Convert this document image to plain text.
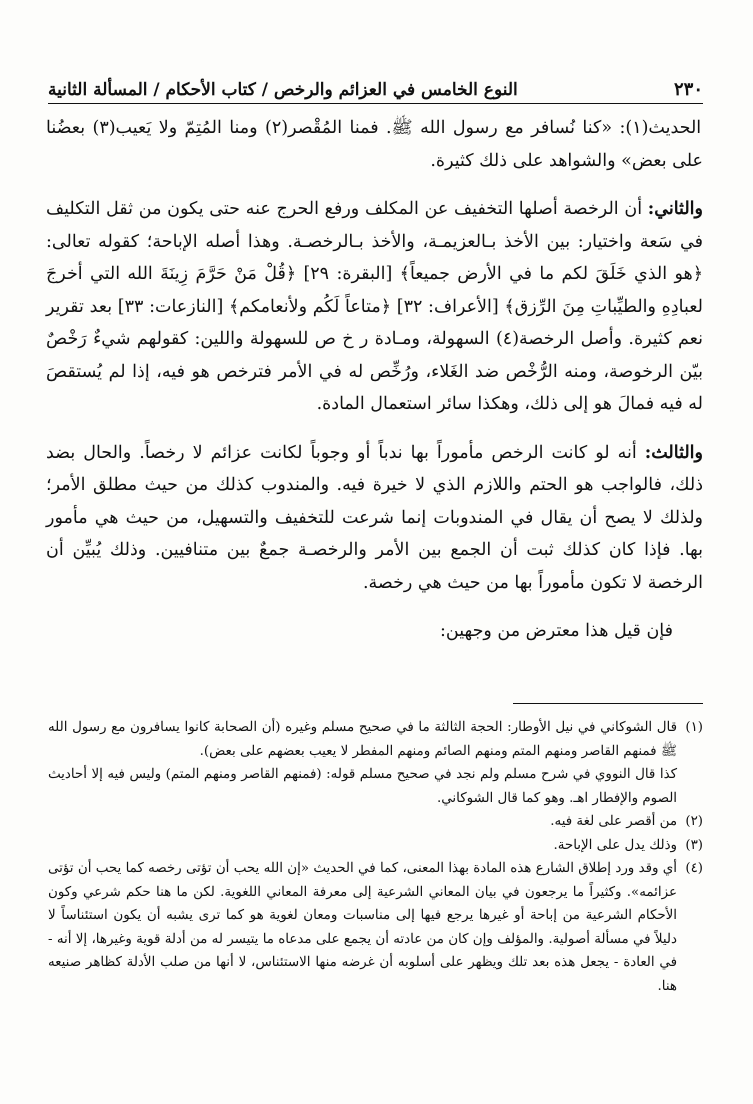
٢٣٠
النوع الخامس في العزائم والرخص / كتاب الأحكام / المسألة الثانية

الحديث(١): «كنا نُسافر مع رسول الله ﷺ. فمنا المُقْصر(٢) ومنا المُتِمّ ولا يَعيب(٣) بعضُنا على بعض» والشواهد على ذلك كثيرة.

والثاني: أن الرخصة أصلها التخفيف عن المكلف ورفع الحرج عنه حتى يكون من ثقل التكليف في سَعة واختيار: بين الأخذ بـالعزيمـة، والأخذ بـالرخصـة. وهذا أصله الإباحة؛ كقوله تعالى: ﴿هو الذي خَلَقَ لكم ما في الأرض جميعاً﴾ [البقرة: ٢٩] ﴿قُلْ مَنْ حَرَّمَ زِينَةَ الله التي أخرجَ لعبادِهِ والطيِّباتِ مِنَ الرِّزق﴾ [الأعراف: ٣٢] ﴿متاعاً لَكُم ولأنعامكم﴾ [النازعات: ٣٣] بعد تقرير نعم كثيرة. وأصل الرخصة(٤) السهولة، ومـادة ر خ ص للسهولة واللين: كقولهم شيءٌ رَخْصٌ بيّن الرخوصة، ومنه الرُّخْص ضد الغَلاء، ورُخِّص له في الأمر فترخص هو فيه، إذا لم يُستقصَ له فيه فمالَ هو إلى ذلك، وهكذا سائر استعمال المادة.

والثالث: أنه لو كانت الرخص مأموراً بها ندباً أو وجوباً لكانت عزائم لا رخصاً. والحال بضد ذلك، فالواجب هو الحتم واللازم الذي لا خيرة فيه. والمندوب كذلك من حيث مطلق الأمر؛ ولذلك لا يصح أن يقال في المندوبات إنما شرعت للتخفيف والتسهيل، من حيث هي مأمور بها. فإذا كان كذلك ثبت أن الجمع بين الأمر والرخصـة جمعٌ بين متنافيين. وذلك يُبيِّن أن الرخصة لا تكون مأموراً بها من حيث هي رخصة.

فإن قيل هذا معترض من وجهين:

(١)
قال الشوكاني في نيل الأوطار: الحجة الثالثة ما في صحيح مسلم وغيره (أن الصحابة كانوا يسافرون مع رسول الله ﷺ فمنهم القاصر ومنهم المتم ومنهم الصائم ومنهم المفطر لا يعيب بعضهم على بعض).
كذا قال النووي في شرح مسلم ولم نجد في صحيح مسلم قوله: (فمنهم القاصر ومنهم المتم) وليس فيه إلا أحاديث الصوم والإفطار اهـ. وهو كما قال الشوكاني.
(٢)
من أقصر على لغة فيه.
(٣)
وذلك يدل على الإباحة.
(٤)
أي وقد ورد إطلاق الشارع هذه المادة بهذا المعنى، كما في الحديث «إن الله يحب أن تؤتى رخصه كما يحب أن تؤتى عزائمه». وكثيراً ما يرجعون في بيان المعاني الشرعية إلى معرفة المعاني اللغوية. لكن ما هنا حكم شرعي وكون الأحكام الشرعية من إباحة أو غيرها يرجع فيها إلى مناسبات ومعان لغوية هو كما ترى يشبه أن يكون استئناساً لا دليلاً في مسألة أصولية. والمؤلف وإن كان من عادته أن يجمع على مدعاه ما يتيسر له من أدلة قوية وغيرها، إلا أنه - في العادة - يجعل هذه بعد تلك ويظهر على أسلوبه أن غرضه منها الاستئناس، لا أنها من صلب الأدلة كظاهر صنيعه هنا.
